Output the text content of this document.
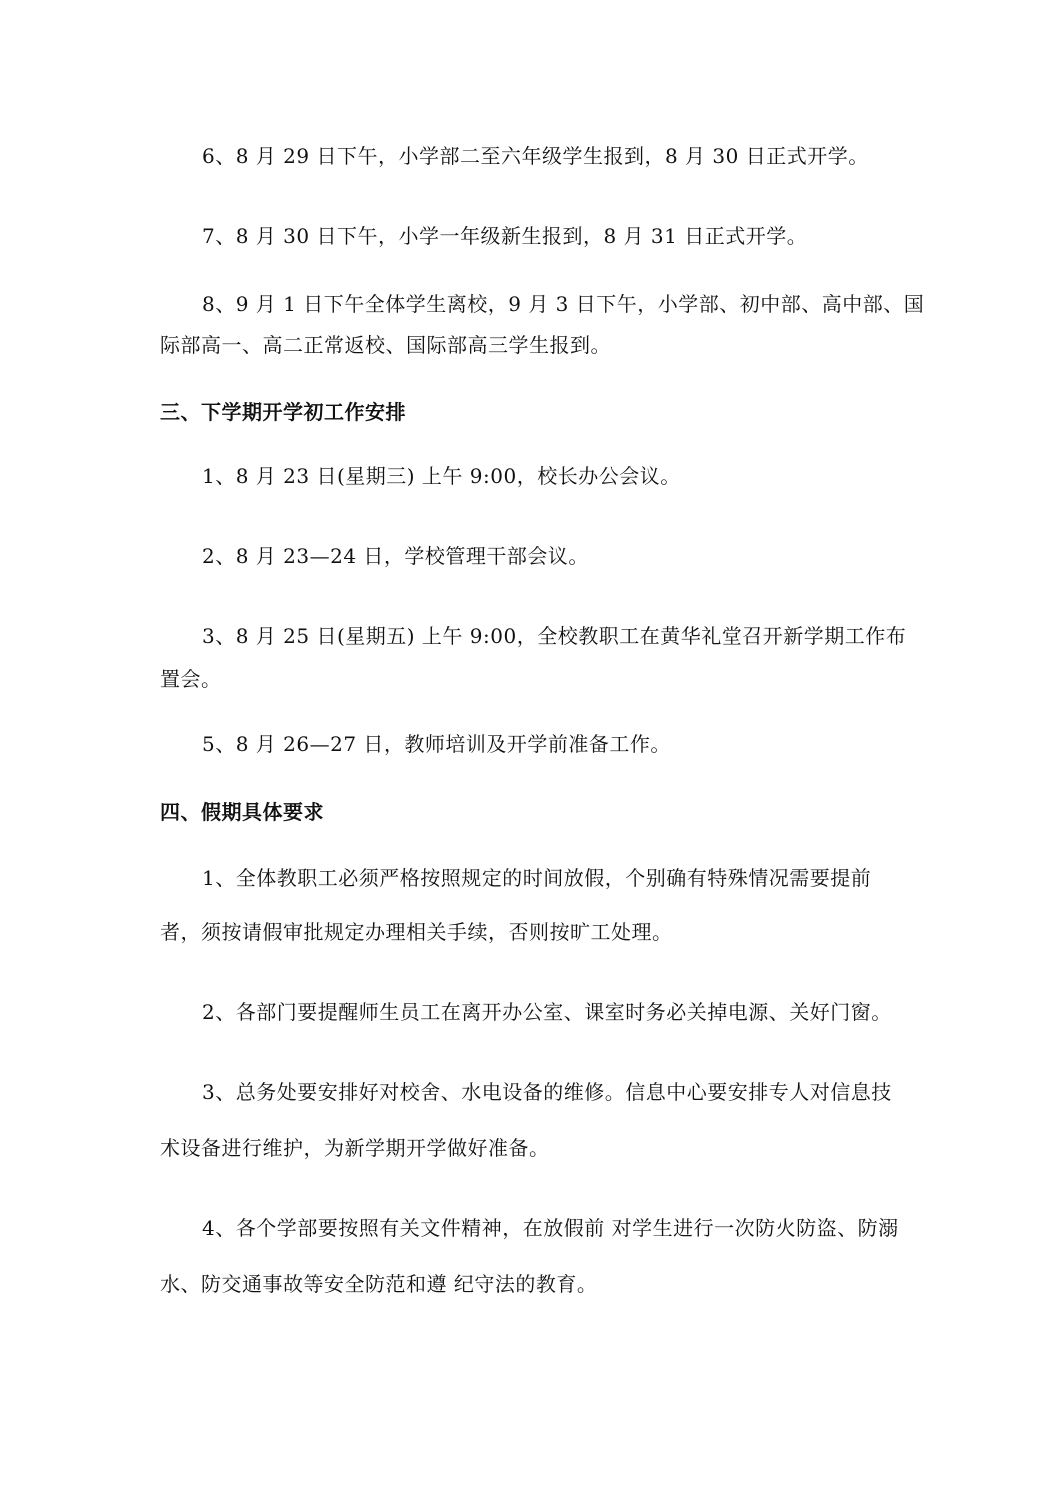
6、8 月 29 日下午，小学部二至六年级学生报到，8 月 30 日正式开学。
7、8 月 30 日下午，小学一年级新生报到，8 月 31 日正式开学。
8、9 月 1 日下午全体学生离校，9 月 3 日下午，小学部、初中部、高中部、国
际部高一、高二正常返校、国际部高三学生报到。
三、下学期开学初工作安排
1、8 月 23 日(星期三) 上午 9:00，校长办公会议。
2、8 月 23—24 日，学校管理干部会议。
3、8 月 25 日(星期五) 上午 9:00，全校教职工在黄华礼堂召开新学期工作布
置会。
5、8 月 26—27 日，教师培训及开学前准备工作。
四、假期具体要求
1、全体教职工必须严格按照规定的时间放假，个别确有特殊情况需要提前
者，须按请假审批规定办理相关手续，否则按旷工处理。
2、各部门要提醒师生员工在离开办公室、课室时务必关掉电源、关好门窗。
3、总务处要安排好对校舍、水电设备的维修。信息中心要安排专人对信息技
术设备进行维护，为新学期开学做好准备。
4、各个学部要按照有关文件精神，在放假前 对学生进行一次防火防盗、防溺
水、防交通事故等安全防范和遵 纪守法的教育。
